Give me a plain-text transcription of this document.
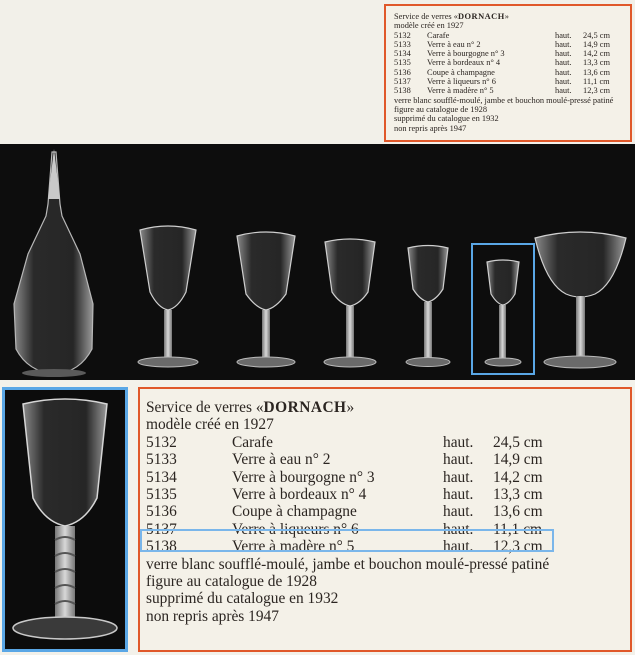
Service de verres « DORNACH »
modèle créé en 1927
5132	Carafe	haut.	24,5 cm
5133	Verre à eau n° 2	haut.	14,9 cm
5134	Verre à bourgogne n° 3	haut.	14,2 cm
5135	Verre à bordeaux n° 4	haut.	13,3 cm
5136	Coupe à champagne	haut.	13,6 cm
5137	Verre à liqueurs n° 6	haut.	11,1 cm
5138	Verre à madère n° 5	haut.	12,3 cm
verre blanc soufflé-moulé, jambe et bouchon moulé-pressé patiné
figure au catalogue de 1928
supprimé du catalogue en 1932
non repris après 1947
Service de verres « DORNACH »
modèle créé en 1927
5132	Carafe	haut.	24,5 cm
5133	Verre à eau n° 2	haut.	14,9 cm
5134	Verre à bourgogne n° 3	haut.	14,2 cm
5135	Verre à bordeaux n° 4	haut.	13,3 cm
5136	Coupe à champagne	haut.	13,6 cm
5137	Verre à liqueurs n° 6	haut.	11,1 cm
5138	Verre à madère n° 5	haut.	12,3 cm
verre blanc soufflé-moulé, jambe et bouchon moulé-pressé patiné
figure au catalogue de 1928
supprimé du catalogue en 1932
non repris après 1947
